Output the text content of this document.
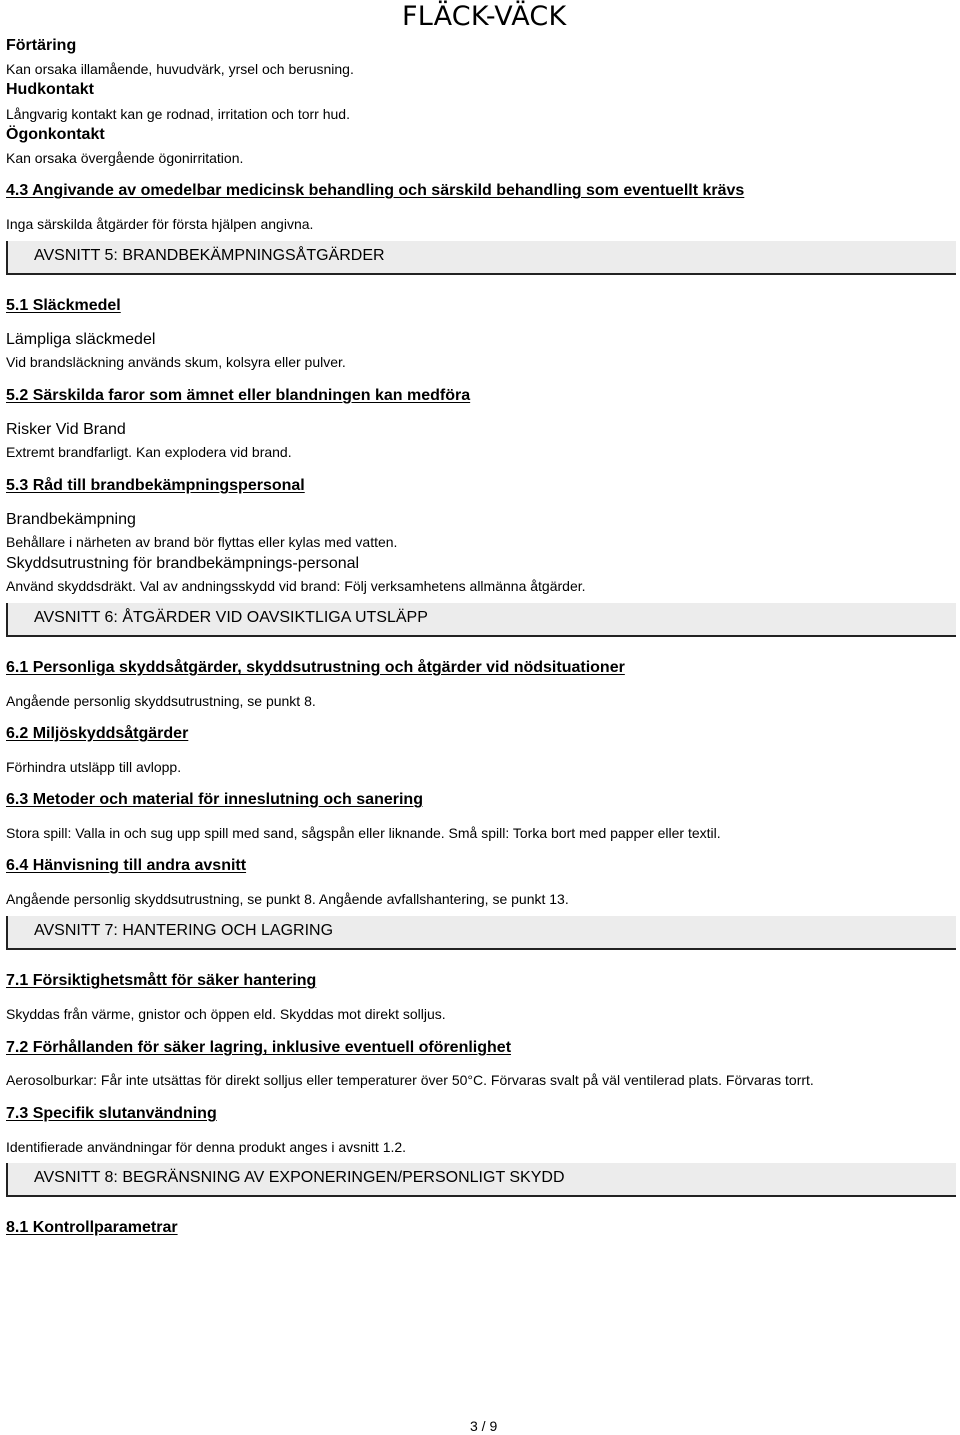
FLÄCK-VÄCK
Förtäring
Kan orsaka illamående, huvudvärk, yrsel och berusning.
Hudkontakt
Långvarig kontakt kan ge rodnad, irritation och torr hud.
Ögonkontakt
Kan orsaka övergående ögonirritation.
4.3 Angivande av omedelbar medicinsk behandling och särskild behandling som eventuellt krävs
Inga särskilda åtgärder för första hjälpen angivna.
AVSNITT 5: BRANDBEKÄMPNINGSÅTGÄRDER
5.1 Släckmedel
Lämpliga släckmedel
Vid brandsläckning används skum, kolsyra eller pulver.
5.2 Särskilda faror som ämnet eller blandningen kan medföra
Risker Vid Brand
Extremt brandfarligt. Kan explodera vid brand.
5.3 Råd till brandbekämpningspersonal
Brandbekämpning
Behållare i närheten av brand bör flyttas eller kylas med vatten.
Skyddsutrustning för brandbekämpnings-personal
Använd skyddsdräkt. Val av andningsskydd vid brand: Följ verksamhetens allmänna åtgärder.
AVSNITT 6: ÅTGÄRDER VID OAVSIKTLIGA UTSLÄPP
6.1 Personliga skyddsåtgärder, skyddsutrustning och åtgärder vid nödsituationer
Angående personlig skyddsutrustning, se punkt 8.
6.2 Miljöskyddsåtgärder
Förhindra utsläpp till avlopp.
6.3 Metoder och material för inneslutning och sanering
Stora spill: Valla in och sug upp spill med sand, sågspån eller liknande. Små spill: Torka bort med papper eller textil.
6.4 Hänvisning till andra avsnitt
Angående personlig skyddsutrustning, se punkt 8. Angående avfallshantering, se punkt 13.
AVSNITT 7: HANTERING OCH LAGRING
7.1 Försiktighetsmått för säker hantering
Skyddas från värme, gnistor och öppen eld. Skyddas mot direkt solljus.
7.2 Förhållanden för säker lagring, inklusive eventuell oförenlighet
Aerosolburkar: Får inte utsättas för direkt solljus eller temperaturer över 50°C. Förvaras svalt på väl ventilerad plats. Förvaras torrt.
7.3 Specifik slutanvändning
Identifierade användningar för denna produkt anges i avsnitt 1.2.
AVSNITT 8: BEGRÄNSNING AV EXPONERINGEN/PERSONLIGT SKYDD
8.1 Kontrollparametrar
3 / 9
